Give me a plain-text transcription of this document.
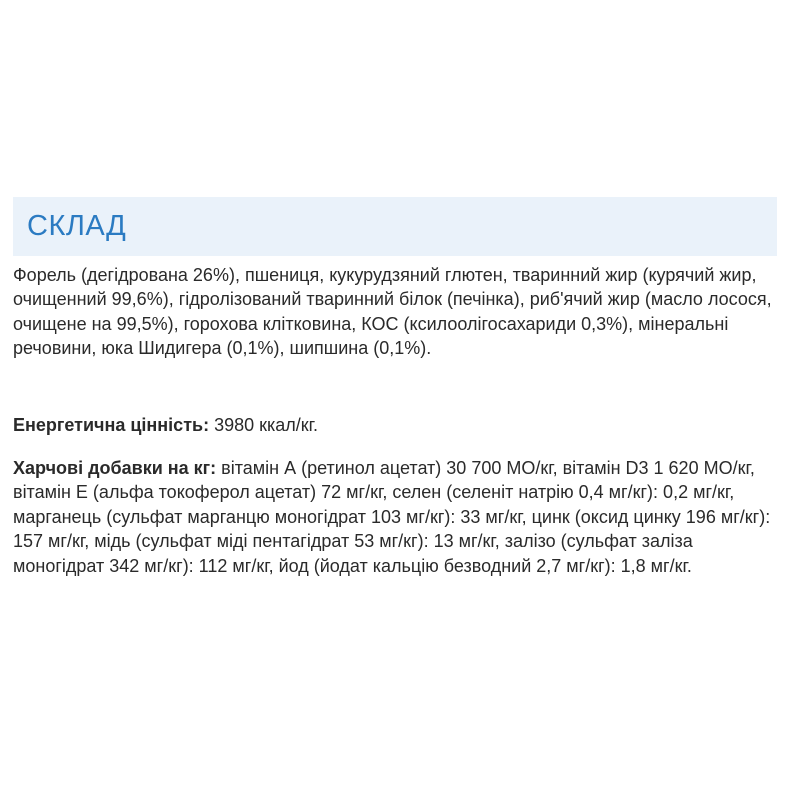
СКЛАД

Форель (дегідрована 26%), пшениця, кукурудзяний глютен, тваринний жир (курячий жир, очищенний 99,6%), гідролізований тваринний білок (печінка), риб'ячий жир (масло лосося, очищене на 99,5%), горохова клітковина, КОС (ксилоолігосахариди 0,3%), мінеральні речовини, юка Шидигера (0,1%), шипшина (0,1%).

Енергетична цінність: 3980 ккал/кг.

Харчові добавки на кг: вітамін А (ретинол ацетат) 30 700 МО/кг, вітамін D3 1 620 МО/кг, вітамін Е (альфа токоферол ацетат) 72 мг/кг, селен (селеніт натрію 0,4 мг/кг): 0,2 мг/кг, марганець (сульфат марганцю моногідрат 103 мг/кг): 33 мг/кг, цинк (оксид цинку 196 мг/кг): 157 мг/кг, мідь (сульфат міді пентагідрат 53 мг/кг): 13 мг/кг, залізо (сульфат заліза моногідрат 342 мг/кг): 112 мг/кг, йод (йодат кальцію безводний 2,7 мг/кг): 1,8 мг/кг.
